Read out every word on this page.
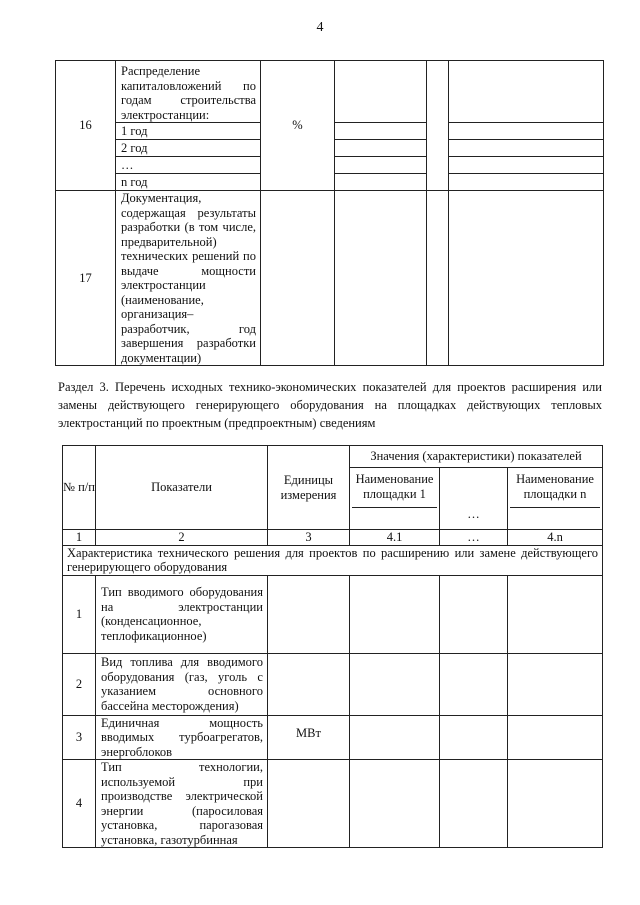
4
16	Распределение капиталовложений по годам строительства электростанции:	%			
	1 год				
	2 год				
	…				
	n год				
17	Документация, содержащая результаты разработки (в том числе, предварительной) технических решений по выдаче мощности электростанции (наименование, организация–разработчик, год завершения разработки документации)				
Раздел 3. Перечень исходных технико-экономических показателей для проектов расширения или замены действующего генерирующего оборудования на площадках действующих тепловых электростанций по проектным (предпроектным) сведениям
№ п/п	Показатели	Единицы измерения	Значения (характеристики) показателей		
			Наименование площадки 1	…	Наименование площадки n

1	2	3	4.1	…	4.n
Характеристика технического решения для проектов по расширению или замене действующего генерирующего оборудования					
1	Тип вводимого оборудования на электростанции (конденсационное, теплофикационное)				
2	Вид топлива для вводимого оборудования (газ, уголь с указанием основного бассейна месторождения)				
3	Единичная мощность вводимых турбоагрегатов, энергоблоков	МВт			
4	Тип технологии, используемой при производстве электрической энергии (паросиловая установка, парогазовая установка, газотурбинная				
